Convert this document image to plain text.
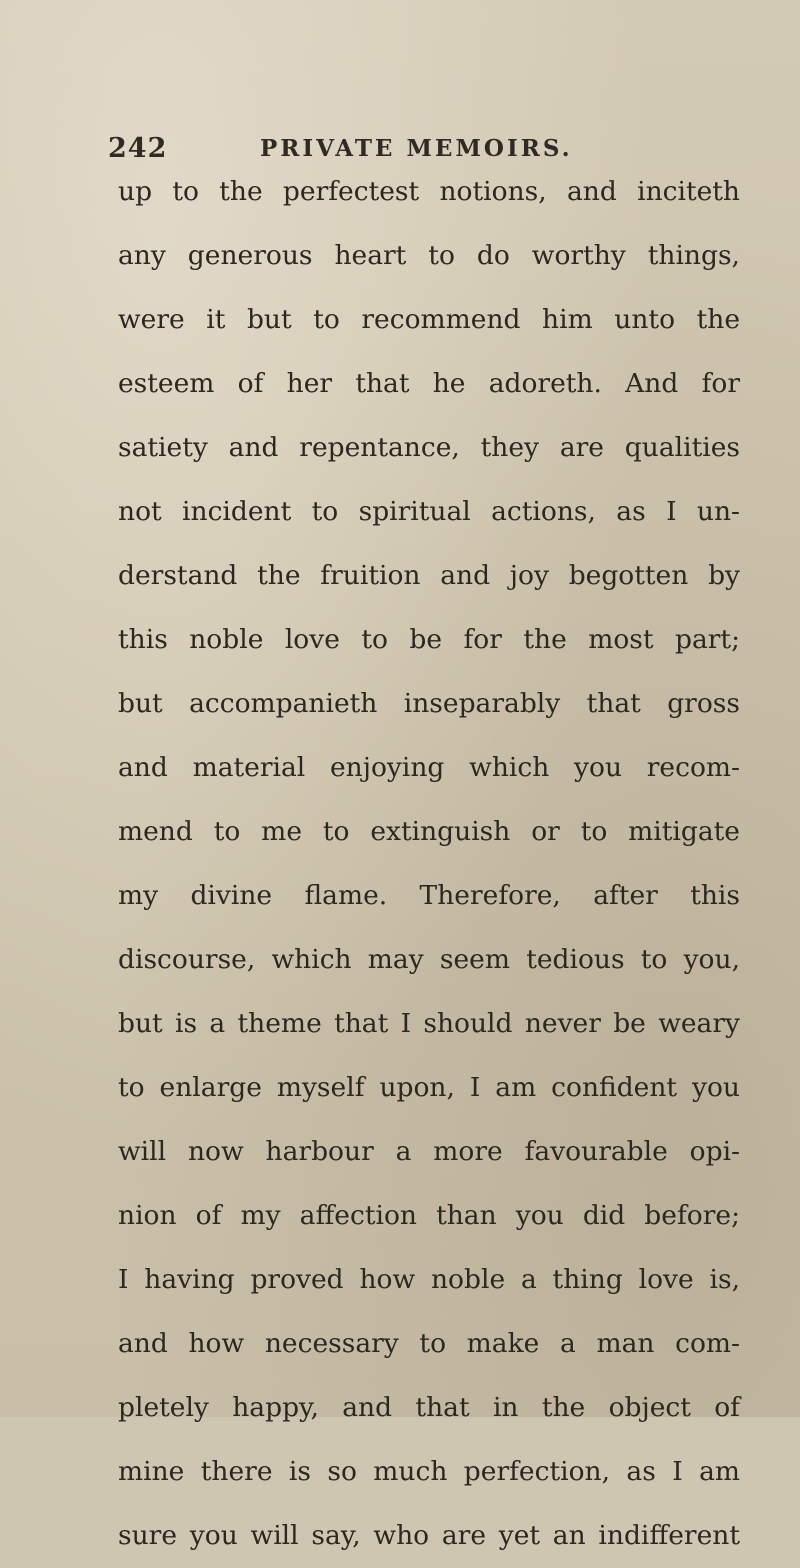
242	PRIVATE MEMOIRS.
up to the perfectest notions, and inciteth
any generous heart to do worthy things,
were it but to recommend him unto the
esteem of her that he adoreth. And for
satiety and repentance, they are qualities
not incident to spiritual actions, as I un-
derstand the fruition and joy begotten by
this noble love to be for the most part;
but accompanieth inseparably that gross
and material enjoying which you recom-
mend to me to extinguish or to mitigate
my divine flame. Therefore, after this
discourse, which may seem tedious to you,
but is a theme that I should never be weary
to enlarge myself upon, I am confident you
will now harbour a more favourable opi-
nion of my affection than you did before;
I having proved how noble a thing love is,
and how necessary to make a man com-
pletely happy, and that in the object of
mine there is so much perfection, as I am
sure you will say, who are yet an indifferent
